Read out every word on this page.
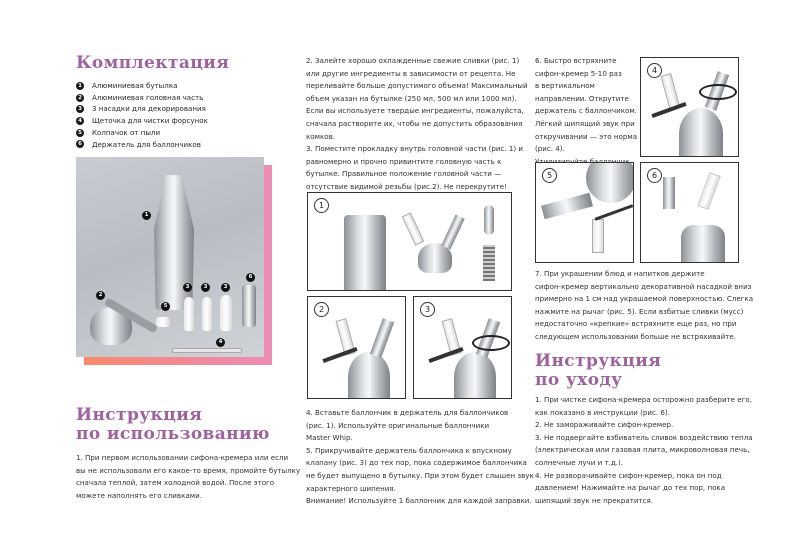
Комплектация
1 Алюминиевая бутылка
2 Алюминиевая головная часть
3 3 насадки для декорирования
4 Щеточка для чистки форсунок
5 Колпачок от пыли
6 Держатель для баллончиков
1
2
3	3	3
4
5
6
Инструкция
по использованию
1. При первом использовании сифона-кремера или если
вы не использовали его какое-то время, промойте бутылку
сначала теплой, затем холодной водой. После этого
можете наполнять его сливками.
2. Залейте хорошо охлажденные свежие сливки (рис. 1)
или другие ингредиенты в зависимости от рецепта. Не
переливайте больше допустимого объема! Максимальный
объем указан на бутылке (250 мл, 500 мл или 1000 мл).
Если вы используете твердые ингредиенты, пожалуйста,
сначала растворите их, чтобы не допустить образования
комков.
3. Поместите прокладку внутрь головной части (рис. 1) и
равномерно и прочно привинтите головную часть к
бутылке. Правильное положение головной части —
отсутствие видимой резьбы (рис.2). Не перекрутите!
1
2	3
4. Вставьте баллончик в держатель для баллончиков
(рис. 1). Используйте оригинальные баллончики
Master Whip.
5. Прикручивайте держатель баллончика к впускному
клапану (рис. 3) до тех пор, пока содержимое баллончика
не будет выпущено в бутылку. При этом будет слышен звук
характерного шипения.
Внимание! Используйте 1 баллончик для каждой заправки.
6. Быстро встряхните
сифон-кремер 5-10 раз
в вертикальном
направлении. Открутите
держатель с баллончиком.
Лёгкий шипящий звук при
откручивании — это норма
(рис. 4).
4
5	6
7. При украшении блюд и напитков держите
сифон-кремер вертикально декоративной насадкой вниз
примерно на 1 см над украшаемой поверхностью. Слегка
нажмите на рычаг (рис. 5). Если взбитые сливки (мусс)
недостаточно «крепкие» встряхните еще раз, но при
следующем использовании больше не встряхивайте.
Инструкция
по уходу
1. При чистке сифона-кремера осторожно разберите его,
как показано в инструкции (рис. 6).
2. Не замораживайте сифон-кремер.
3. Не подвергайте взбиватель сливок воздействию тепла
(электрическая или газовая плита, микроволновая печь,
солнечные лучи и т.д.).
4. Не разворачивайте сифон-кремер, пока он под
давлением! Нажимайте на рычаг до тех пор, пока
шипящий звук не прекратится.
